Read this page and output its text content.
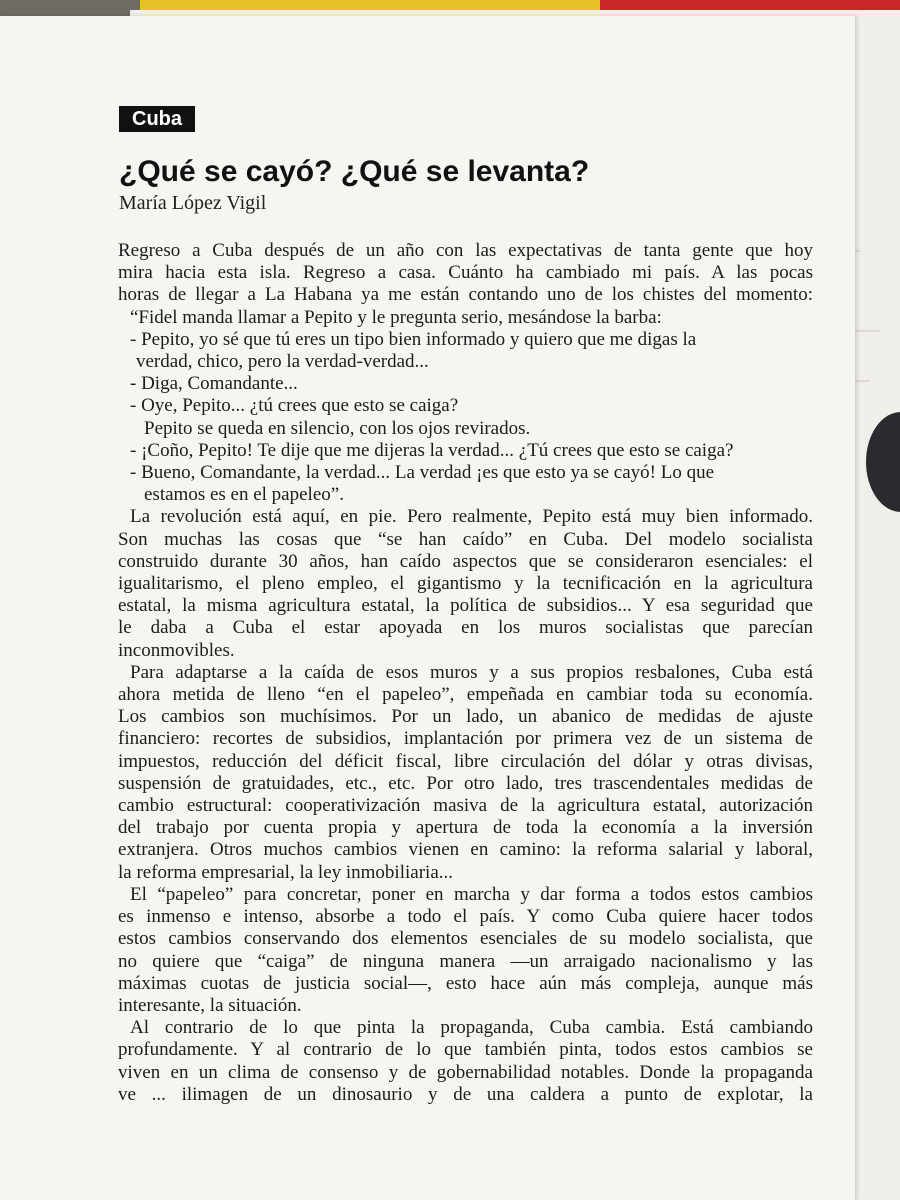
Cuba
¿Qué se cayó? ¿Qué se levanta?
María López Vigil
Regreso a Cuba después de un año con las expectativas de tanta gente que hoy
mira hacia esta isla. Regreso a casa. Cuánto ha cambiado mi país. A las pocas
horas de llegar a La Habana ya me están contando uno de los chistes del momento:
“Fidel manda llamar a Pepito y le pregunta serio, mesándose la barba:
- Pepito, yo sé que tú eres un tipo bien informado y quiero que me digas la
verdad, chico, pero la verdad-verdad...
- Diga, Comandante...
- Oye, Pepito... ¿tú crees que esto se caiga?
Pepito se queda en silencio, con los ojos revirados.
- ¡Coño, Pepito! Te dije que me dijeras la verdad... ¿Tú crees que esto se caiga?
- Bueno, Comandante, la verdad... La verdad ¡es que esto ya se cayó! Lo que
estamos es en el papeleo”.
La revolución está aquí, en pie. Pero realmente, Pepito está muy bien informado.
Son muchas las cosas que “se han caído” en Cuba. Del modelo socialista
construido durante 30 años, han caído aspectos que se consideraron esenciales: el
igualitarismo, el pleno empleo, el gigantismo y la tecnificación en la agricultura
estatal, la misma agricultura estatal, la política de subsidios... Y esa seguridad que
le daba a Cuba el estar apoyada en los muros socialistas que parecían
inconmovibles.
Para adaptarse a la caída de esos muros y a sus propios resbalones, Cuba está
ahora metida de lleno “en el papeleo”, empeñada en cambiar toda su economía.
Los cambios son muchísimos. Por un lado, un abanico de medidas de ajuste
financiero: recortes de subsidios, implantación por primera vez de un sistema de
impuestos, reducción del déficit fiscal, libre circulación del dólar y otras divisas,
suspensión de gratuidades, etc., etc. Por otro lado, tres trascendentales medidas de
cambio estructural: cooperativización masiva de la agricultura estatal, autorización
del trabajo por cuenta propia y apertura de toda la economía a la inversión
extranjera. Otros muchos cambios vienen en camino: la reforma salarial y laboral,
la reforma empresarial, la ley inmobiliaria...
El “papeleo” para concretar, poner en marcha y dar forma a todos estos cambios
es inmenso e intenso, absorbe a todo el país. Y como Cuba quiere hacer todos
estos cambios conservando dos elementos esenciales de su modelo socialista, que
no quiere que “caiga” de ninguna manera —un arraigado nacionalismo y las
máximas cuotas de justicia social—, esto hace aún más compleja, aunque más
interesante, la situación.
Al contrario de lo que pinta la propaganda, Cuba cambia. Está cambiando
profundamente. Y al contrario de lo que también pinta, todos estos cambios se
viven en un clima de consenso y de gobernabilidad notables. Donde la propaganda
ve ... ilimagen de un dinosaurio y de una caldera a punto de explotar, la
